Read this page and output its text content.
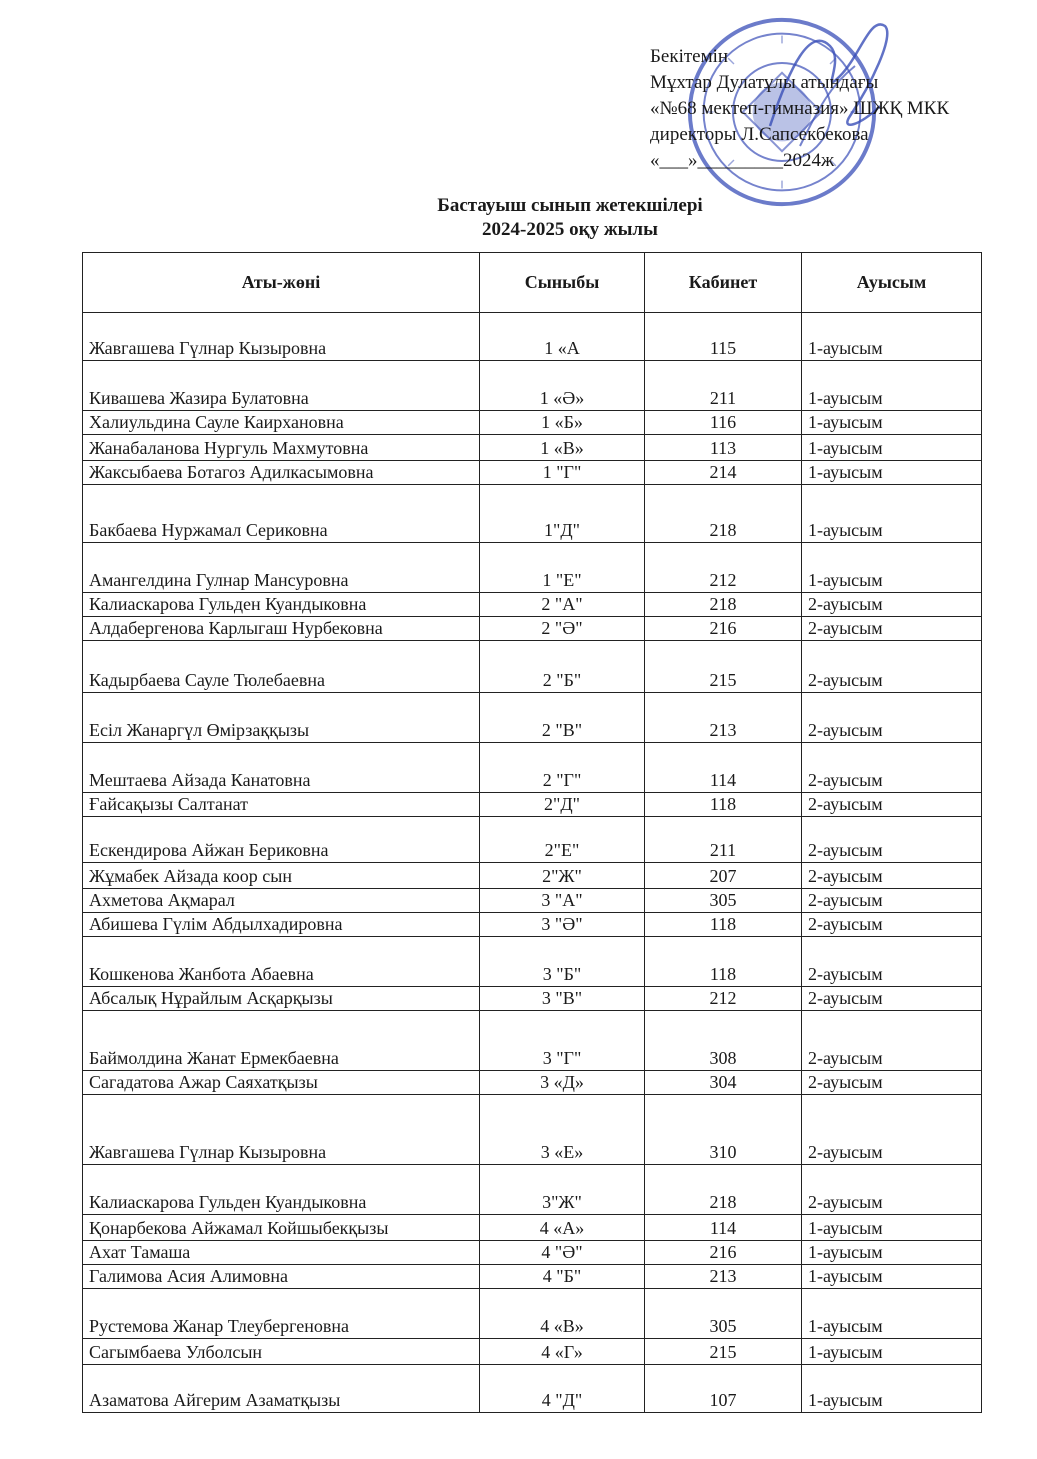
Бекітемін
Мұхтар Дулатұлы атындағы
«№68 мектеп-гимназия» ШЖҚ МКК
директоры Л.Сапсекбекова
«___»_________2024ж
Бастауыш сынып жетекшілері
2024-2025 оқу жылы
Аты-жөні	Сыныбы	Кабинет	Ауысым
Жавгашева Гүлнар Кызыровна	1 «А	115	1-ауысым
Кивашева Жазира Булатовна	1 «Ә»	211	1-ауысым
Халиульдина Сауле Каирхановна	1 «Б»	116	1-ауысым
Жанабаланова Нургуль Махмутовна	1 «В»	113	1-ауысым
Жаксыбаева Ботагоз Адилкасымовна	1 "Г"	214	1-ауысым
Бакбаева Нуржамал Сериковна	1"Д"	218	1-ауысым
Амангелдина Гулнар Мансуровна	1 "Е"	212	1-ауысым
Калиаскарова Гульден Куандыковна	2 "А"	218	2-ауысым
Алдабергенова Карлыгаш Нурбековна	2 "Ә"	216	2-ауысым
Кадырбаева Сауле Тюлебаевна	2 "Б"	215	2-ауысым
Есіл Жанаргүл Өмірзаққызы	2 "В"	213	2-ауысым
Мештаева Айзада Канатовна	2 "Г"	114	2-ауысым
Ғайсақызы Салтанат	2"Д"	118	2-ауысым
Ескендирова Айжан Бериковна	2"Е"	211	2-ауысым
Жұмабек Айзада коор сын	2"Ж"	207	2-ауысым
Ахметова Ақмарал	3 "А"	305	2-ауысым
Абишева Гүлім Абдылхадировна	3 "Ә"	118	2-ауысым
Кошкенова Жанбота Абаевна	3 "Б"	118	2-ауысым
Абсалық Нұрайлым Асқарқызы	3 "В"	212	2-ауысым
Баймолдина Жанат Ермекбаевна	3 "Г"	308	2-ауысым
Сагадатова Ажар Саяхатқызы	3 «Д»	304	2-ауысым
Жавгашева Гүлнар Кызыровна	3 «Е»	310	2-ауысым
Калиаскарова Гульден Куандыковна	3"Ж"	218	2-ауысым
Қонарбекова Айжамал Койшыбекқызы	4 «А»	114	1-ауысым
Ахат Тамаша	4 "Ә"	216	1-ауысым
Галимова Асия Алимовна	4 "Б"	213	1-ауысым
Рустемова Жанар Тлеубергеновна	4 «В»	305	1-ауысым
Сагымбаева Улболсын	4 «Г»	215	1-ауысым
Азаматова Айгерим Азаматқызы	4 "Д"	107	1-ауысым
